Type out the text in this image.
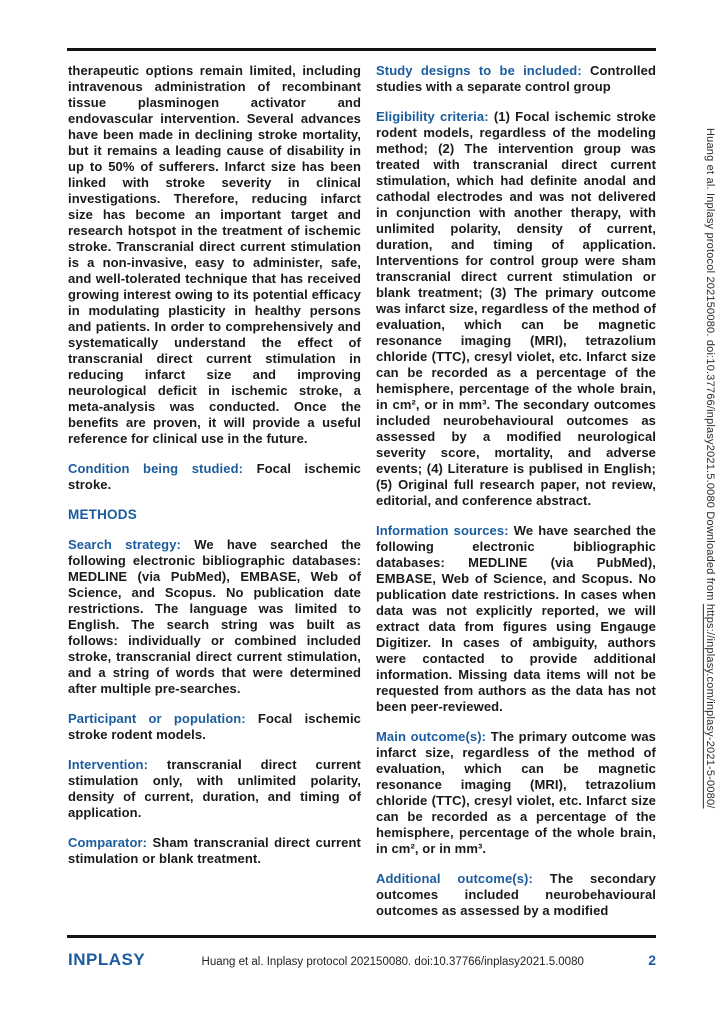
therapeutic options remain limited, including intravenous administration of recombinant tissue plasminogen activator and endovascular intervention. Several advances have been made in declining stroke mortality, but it remains a leading cause of disability in up to 50% of sufferers. Infarct size has been linked with stroke severity in clinical investigations. Therefore, reducing infarct size has become an important target and research hotspot in the treatment of ischemic stroke. Transcranial direct current stimulation is a non-invasive, easy to administer, safe, and well-tolerated technique that has received growing interest owing to its potential efficacy in modulating plasticity in healthy persons and patients. In order to comprehensively and systematically understand the effect of transcranial direct current stimulation in reducing infarct size and improving neurological deficit in ischemic stroke, a meta-analysis was conducted. Once the benefits are proven, it will provide a useful reference for clinical use in the future.

Condition being studied: Focal ischemic stroke.

METHODS

Search strategy: We have searched the following electronic bibliographic databases: MEDLINE (via PubMed), EMBASE, Web of Science, and Scopus. No publication date restrictions. The language was limited to English. The search string was built as follows: individually or combined included stroke, transcranial direct current stimulation, and a string of words that were determined after multiple pre-searches.

Participant or population: Focal ischemic stroke rodent models.

Intervention: transcranial direct current stimulation only, with unlimited polarity, density of current, duration, and timing of application.

Comparator: Sham transcranial direct current stimulation or blank treatment.

Study designs to be included: Controlled studies with a separate control group

Eligibility criteria: (1) Focal ischemic stroke rodent models, regardless of the modeling method; (2) The intervention group was treated with transcranial direct current stimulation, which had definite anodal and cathodal electrodes and was not delivered in conjunction with another therapy, with unlimited polarity, density of current, duration, and timing of application. Interventions for control group were sham transcranial direct current stimulation or blank treatment; (3) The primary outcome was infarct size, regardless of the method of evaluation, which can be magnetic resonance imaging (MRI), tetrazolium chloride (TTC), cresyl violet, etc. Infarct size can be recorded as a percentage of the hemisphere, percentage of the whole brain, in cm², or in mm³. The secondary outcomes included neurobehavioural outcomes as assessed by a modified neurological severity score, mortality, and adverse events; (4) Literature is publised in English; (5) Original full research paper, not review, editorial, and conference abstract.

Information sources: We have searched the following electronic bibliographic databases: MEDLINE (via PubMed), EMBASE, Web of Science, and Scopus. No publication date restrictions. In cases when data was not explicitly reported, we will extract data from figures using Engauge Digitizer. In cases of ambiguity, authors were contacted to provide additional information. Missing data items will not be requested from authors as the data has not been peer-reviewed.

Main outcome(s): The primary outcome was infarct size, regardless of the method of evaluation, which can be magnetic resonance imaging (MRI), tetrazolium chloride (TTC), cresyl violet, etc. Infarct size can be recorded as a percentage of the hemisphere, percentage of the whole brain, in cm², or in mm³.

Additional outcome(s): The secondary outcomes included neurobehavioural outcomes as assessed by a modified

INPLASY	Huang et al. Inplasy protocol 202150080. doi:10.37766/inplasy2021.5.0080	2
Huang et al. Inplasy protocol 202150080. doi:10.37766/inplasy2021.5.0080 Downloaded from https://inplasy.com/inplasy-2021-5-0080/
